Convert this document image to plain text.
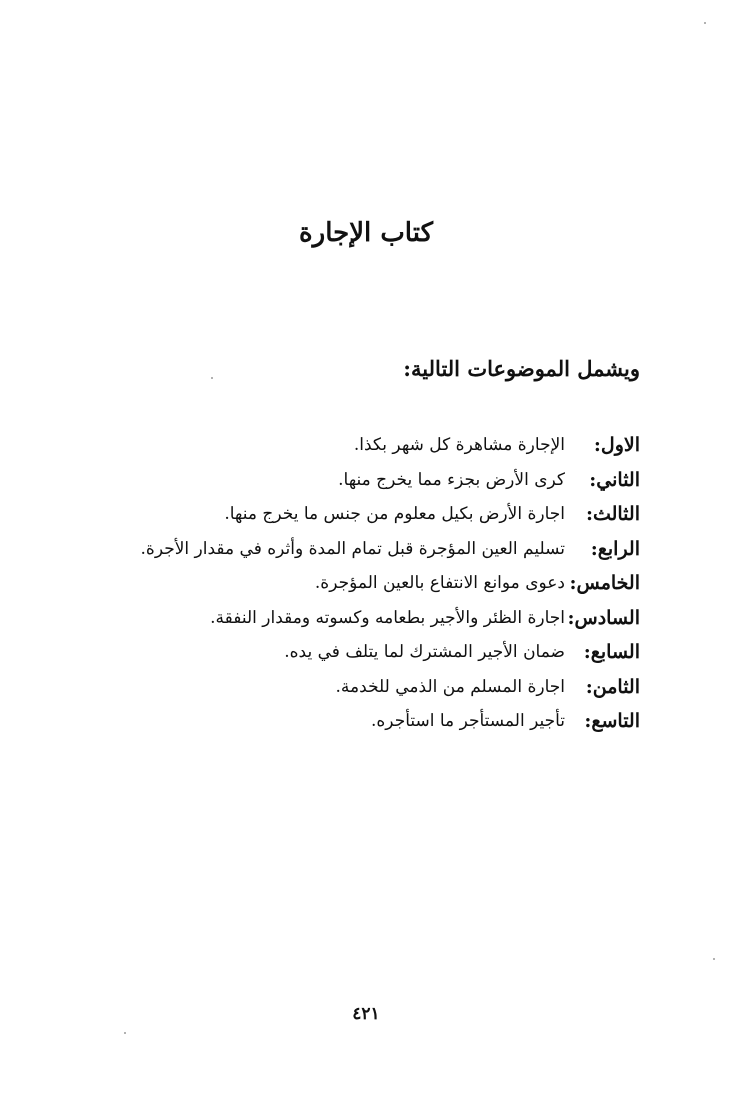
كتاب الإجارة
ويشمل الموضوعات التالية:
الاول:
الإجارة مشاهرة كل شهر بكذا.
الثاني:
كرى الأرض بجزء مما يخرج منها.
الثالث:
اجارة الأرض بكيل معلوم من جنس ما يخرج منها.
الرابع:
تسليم العين المؤجرة قبل تمام المدة وأثره في مقدار الأجرة.
الخامس:
دعوى موانع الانتفاع بالعين المؤجرة.
السادس:
اجارة الظئر والأجير بطعامه وكسوته ومقدار النفقة.
السابع:
ضمان الأجير المشترك لما يتلف في يده.
الثامن:
اجارة المسلم من الذمي للخدمة.
التاسع:
تأجير المستأجر ما استأجره.
٤٢١
